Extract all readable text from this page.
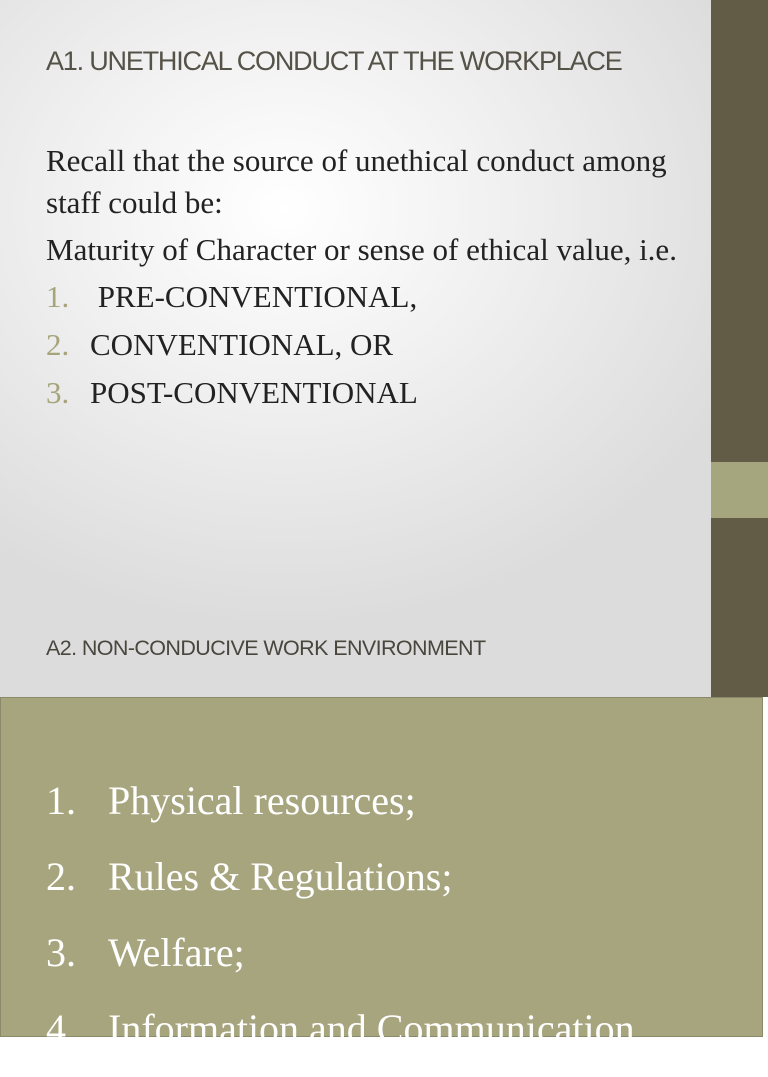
A1. UNETHICAL CONDUCT AT THE WORKPLACE

Recall that the source of unethical conduct among staff could be:

Maturity of Character or sense of ethical value, i.e.

1. PRE-CONVENTIONAL,
2. CONVENTIONAL, OR
3. POST-CONVENTIONAL
A2. NON-CONDUCIVE WORK ENVIRONMENT
1. Physical resources;
2. Rules & Regulations;
3. Welfare;
4. Information and Communication
